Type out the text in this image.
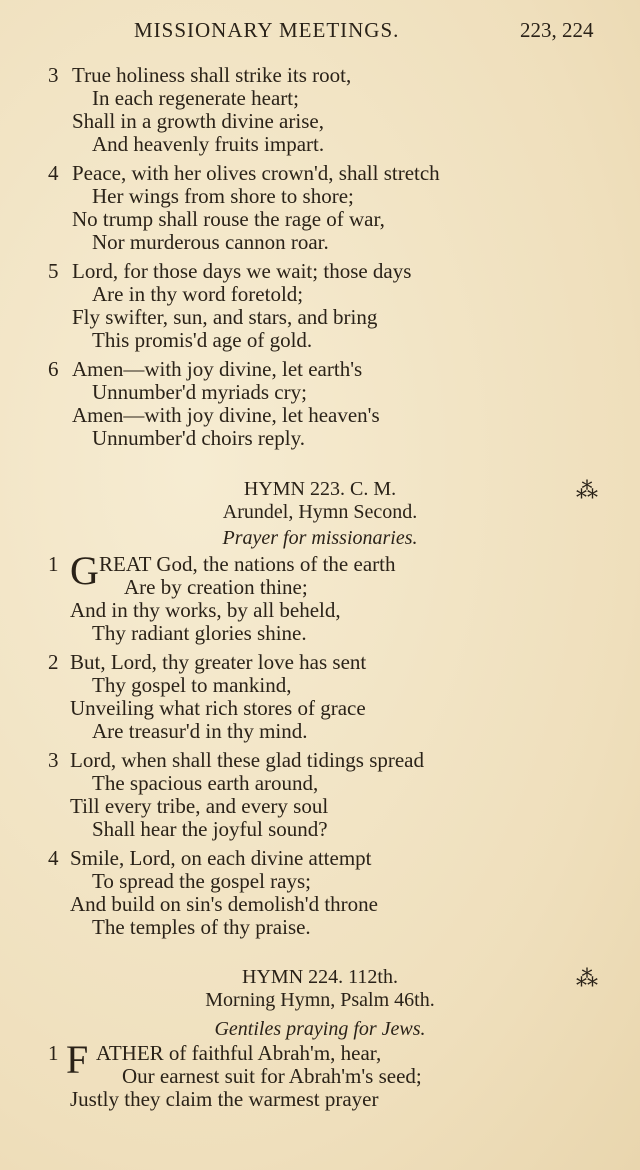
MISSIONARY MEETINGS.	223, 224
3 True holiness shall strike its root,
In each regenerate heart;
Shall in a growth divine arise,
And heavenly fruits impart.
4 Peace, with her olives crown'd, shall stretch
Her wings from shore to shore;
No trump shall rouse the rage of war,
Nor murderous cannon roar.
5 Lord, for those days we wait; those days
Are in thy word foretold;
Fly swifter, sun, and stars, and bring
This promis'd age of gold.
6 Amen—with joy divine, let earth's
Unnumber'd myriads cry;
Amen—with joy divine, let heaven's
Unnumber'd choirs reply.
HYMN 223. C. M.	⁂
Arundel, Hymn Second.
Prayer for missionaries.
1 G REAT God, the nations of the earth
Are by creation thine;
And in thy works, by all beheld,
Thy radiant glories shine.
2 But, Lord, thy greater love has sent
Thy gospel to mankind,
Unveiling what rich stores of grace
Are treasur'd in thy mind.
3 Lord, when shall these glad tidings spread
The spacious earth around,
Till every tribe, and every soul
Shall hear the joyful sound?
4 Smile, Lord, on each divine attempt
To spread the gospel rays;
And build on sin's demolish'd throne
The temples of thy praise.
HYMN 224. 112th.	⁂
Morning Hymn, Psalm 46th.
Gentiles praying for Jews.
1 F ATHER of faithful Abrah'm, hear,
Our earnest suit for Abrah'm's seed;
Justly they claim the warmest prayer
